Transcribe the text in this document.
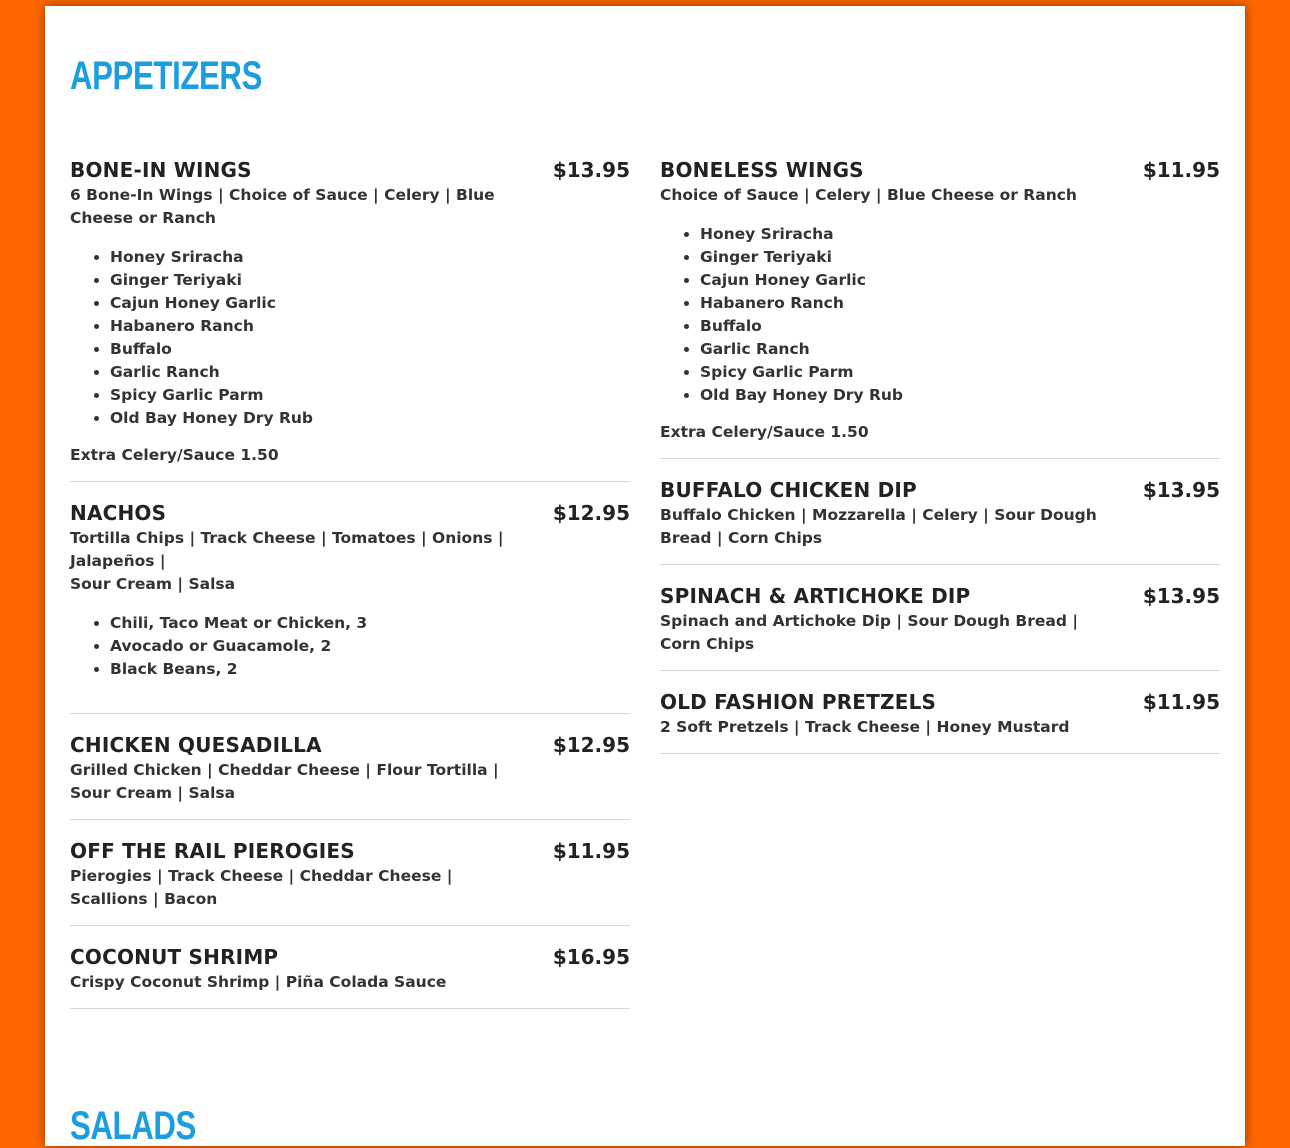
APPETIZERS
BONE-IN WINGS	$13.95
6 Bone-In Wings | Choice of Sauce | Celery | Blue Cheese or Ranch
• Honey Sriracha
• Ginger Teriyaki
• Cajun Honey Garlic
• Habanero Ranch
• Buffalo
• Garlic Ranch
• Spicy Garlic Parm
• Old Bay Honey Dry Rub
Extra Celery/Sauce 1.50
NACHOS	$12.95
Tortilla Chips | Track Cheese | Tomatoes | Onions | Jalapeños |
Sour Cream | Salsa
• Chili, Taco Meat or Chicken, 3
• Avocado or Guacamole, 2
• Black Beans, 2
CHICKEN QUESADILLA	$12.95
Grilled Chicken | Cheddar Cheese | Flour Tortilla | Sour Cream | Salsa
OFF THE RAIL PIEROGIES	$11.95
Pierogies | Track Cheese | Cheddar Cheese | Scallions | Bacon
COCONUT SHRIMP	$16.95
Crispy Coconut Shrimp | Piña Colada Sauce
BONELESS WINGS	$11.95
Choice of Sauce | Celery | Blue Cheese or Ranch
• Honey Sriracha
• Ginger Teriyaki
• Cajun Honey Garlic
• Habanero Ranch
• Buffalo
• Garlic Ranch
• Spicy Garlic Parm
• Old Bay Honey Dry Rub
Extra Celery/Sauce 1.50
BUFFALO CHICKEN DIP	$13.95
Buffalo Chicken | Mozzarella | Celery | Sour Dough Bread | Corn Chips
SPINACH & ARTICHOKE DIP	$13.95
Spinach and Artichoke Dip | Sour Dough Bread | Corn Chips
OLD FASHION PRETZELS	$11.95
2 Soft Pretzels | Track Cheese | Honey Mustard
SALADS
